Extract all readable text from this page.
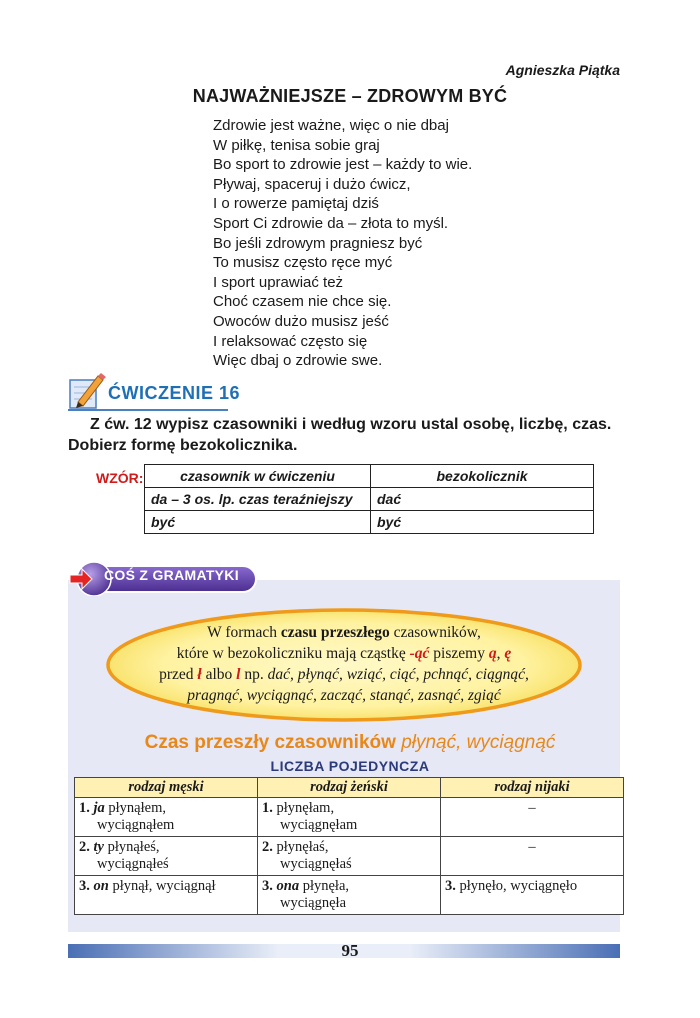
Agnieszka Piątka
NAJWAŻNIEJSZE – ZDROWYM BYĆ
Zdrowie jest ważne, więc o nie dbaj
W piłkę, tenisa sobie graj
Bo sport to zdrowie jest – każdy to wie.
Pływaj, spaceruj i dużo ćwicz,
I o rowerze pamiętaj dziś
Sport Ci zdrowie da – złota to myśl.
Bo jeśli zdrowym pragniesz być
To musisz często ręce myć
I sport uprawiać też
Choć czasem nie chce się.
Owoców dużo musisz jeść
I relaksować często się
Więc dbaj o zdrowie swe.
ĆWICZENIE 16
Z ćw. 12 wypisz czasowniki i według wzoru ustal osobę, liczbę, czas. Dobierz formę bezokolicznika.
WZÓR:	czasownik w ćwiczeniu	bezokolicznik
da – 3 os. lp. czas teraźniejszy	dać
być	być
COŚ Z GRAMATYKI
W formach czasu przeszłego czasowników,
które w bezokoliczniku mają cząstkę -ąć piszemy ą, ę
przed ł albo l np. dać, płynąć, wziąć, ciąć, pchnąć, ciągnąć,
pragnąć, wyciągnąć, zacząć, stanąć, zasnąć, zgiąć
Czas przeszły czasowników płynąć, wyciągnąć
LICZBA POJEDYNCZA
rodzaj męski	rodzaj żeński	rodzaj nijaki
1. ja płynąłem,
wyciągnąłem	1. płynęłam,
wyciągnęłam	–
2. ty płynąłeś,
wyciągnąłeś	2. płynęłaś,
wyciągnęłaś	–
3. on płynął, wyciągnął	3. ona płynęła,
wyciągnęła	3. płynęło, wyciągnęło
95
